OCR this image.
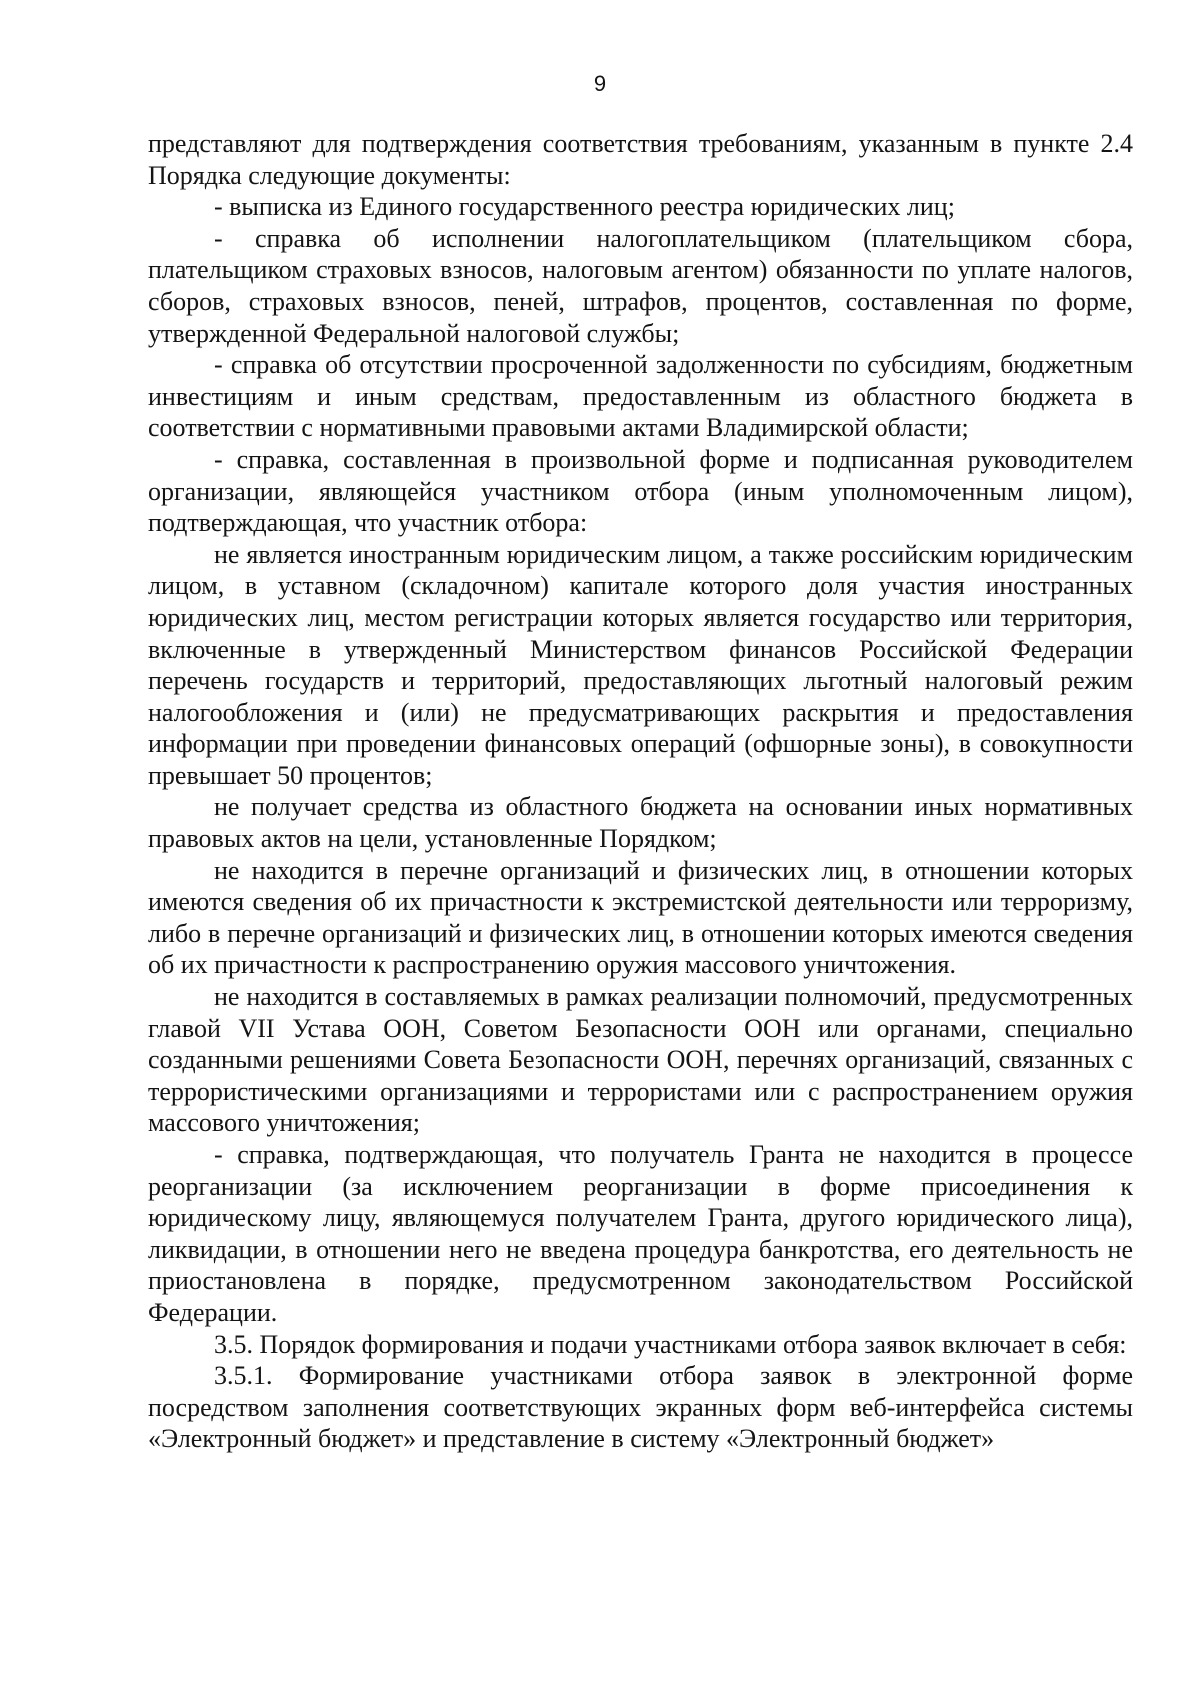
9

представляют для подтверждения соответствия требованиям, указанным в пункте 2.4 Порядка следующие документы:

- выписка из Единого государственного реестра юридических лиц;

- справка об исполнении налогоплательщиком (плательщиком сбора, плательщиком страховых взносов, налоговым агентом) обязанности по уплате налогов, сборов, страховых взносов, пеней, штрафов, процентов, составленная по форме, утвержденной Федеральной налоговой службы;

- справка об отсутствии просроченной задолженности по субсидиям, бюджетным инвестициям и иным средствам, предоставленным из областного бюджета в соответствии с нормативными правовыми актами Владимирской области;

- справка, составленная в произвольной форме и подписанная руководителем организации, являющейся участником отбора (иным уполномоченным лицом), подтверждающая, что участник отбора:

не является иностранным юридическим лицом, а также российским юридическим лицом, в уставном (складочном) капитале которого доля участия иностранных юридических лиц, местом регистрации которых является государство или территория, включенные в утвержденный Министерством финансов Российской Федерации перечень государств и территорий, предоставляющих льготный налоговый режим налогообложения и (или) не предусматривающих раскрытия и предоставления информации при проведении финансовых операций (офшорные зоны), в совокупности превышает 50 процентов;

не получает средства из областного бюджета на основании иных нормативных правовых актов на цели, установленные Порядком;

не находится в перечне организаций и физических лиц, в отношении которых имеются сведения об их причастности к экстремистской деятельности или терроризму, либо в перечне организаций и физических лиц, в отношении которых имеются сведения об их причастности к распространению оружия массового уничтожения.

не находится в составляемых в рамках реализации полномочий, предусмотренных главой VII Устава ООН, Советом Безопасности ООН или органами, специально созданными решениями Совета Безопасности ООН, перечнях организаций, связанных с террористическими организациями и террористами или с распространением оружия массового уничтожения;

- справка, подтверждающая, что получатель Гранта не находится в процессе реорганизации (за исключением реорганизации в форме присоединения к юридическому лицу, являющемуся получателем Гранта, другого юридического лица), ликвидации, в отношении него не введена процедура банкротства, его деятельность не приостановлена в порядке, предусмотренном законодательством Российской Федерации.

3.5. Порядок формирования и подачи участниками отбора заявок включает в себя:

3.5.1. Формирование участниками отбора заявок в электронной форме посредством заполнения соответствующих экранных форм веб-интерфейса системы «Электронный бюджет» и представление в систему «Электронный бюджет»
